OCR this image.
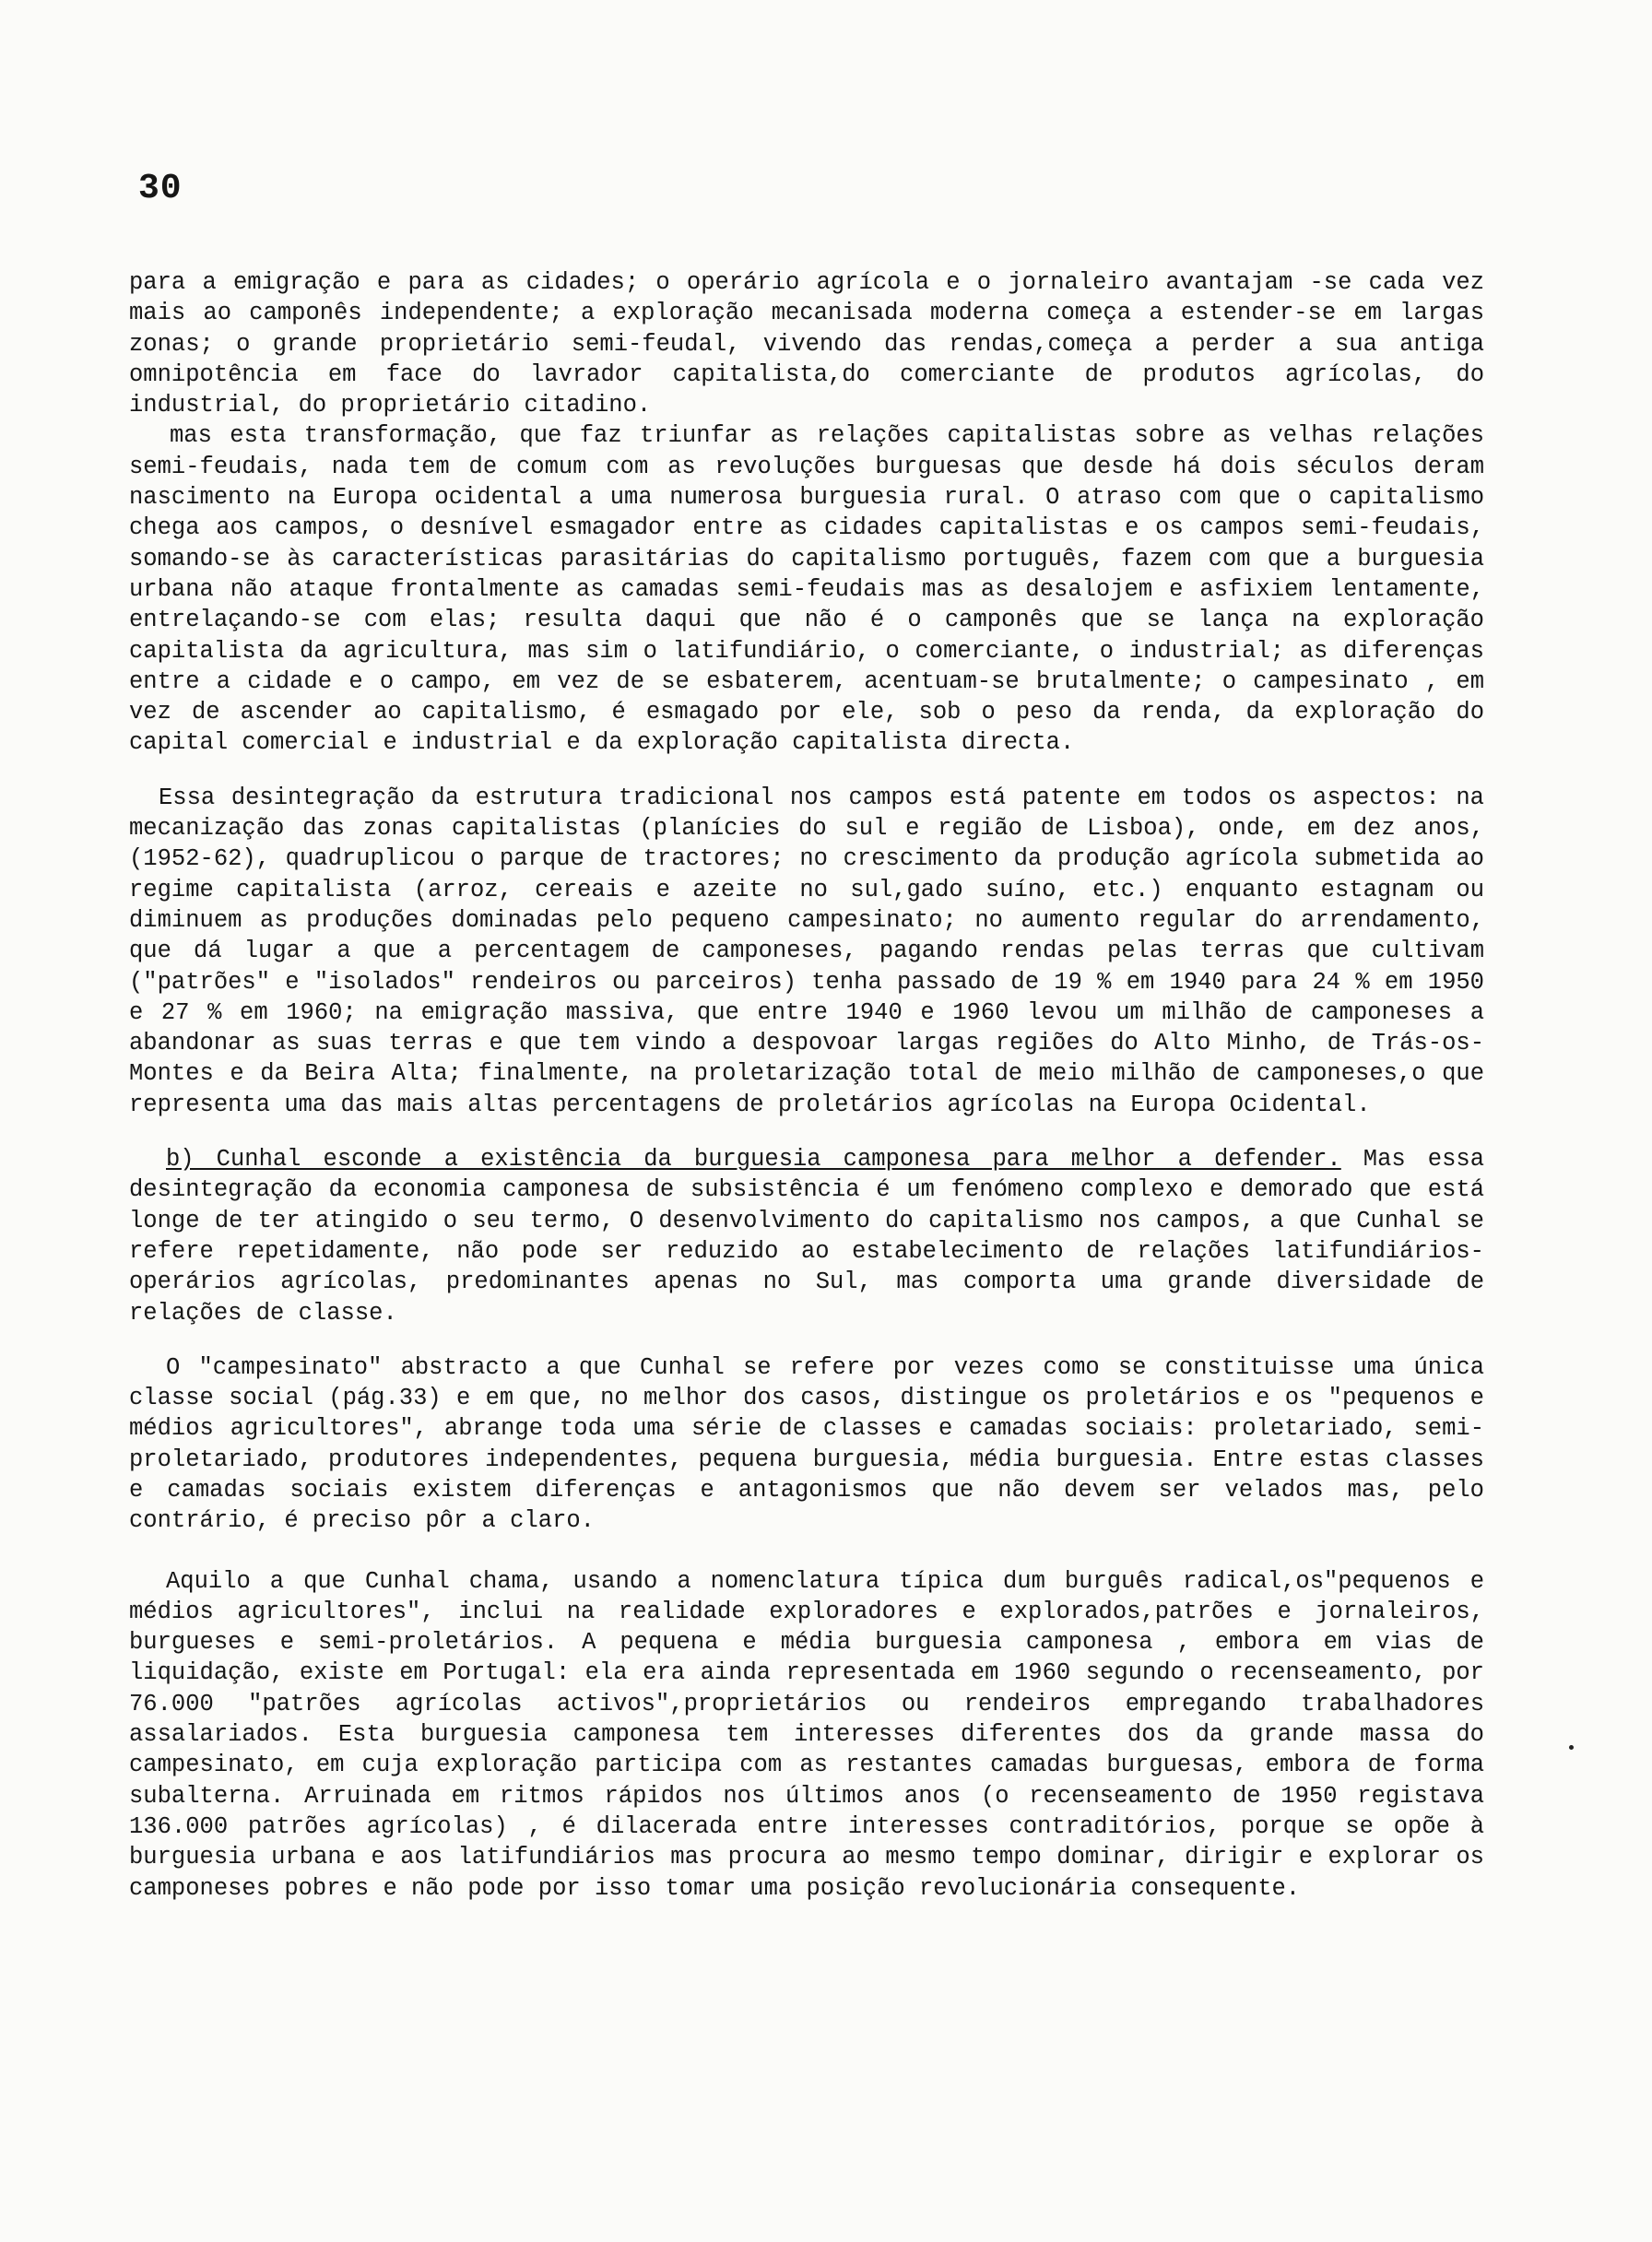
30

para a emigração e para as cidades; o operário agrícola e o jornaleiro avantajam -se cada vez mais ao camponês independente; a exploração mecanisada moderna começa a estender-se em largas zonas; o grande proprietário semi-feudal, vivendo das rendas,começa a perder a sua antiga omnipotência em face do lavrador capitalista,do comerciante de produtos agrícolas, do industrial, do proprietário citadino.

mas esta transformação, que faz triunfar as relações capitalistas sobre as velhas relações semi-feudais, nada tem de comum com as revoluções burguesas que desde há dois séculos deram nascimento na Europa ocidental a uma numerosa burguesia rural. O atraso com que o capitalismo chega aos campos, o desnível esmagador entre as cidades capitalistas e os campos semi-feudais, somando-se às características parasitárias do capitalismo português, fazem com que a burguesia urbana não ataque frontalmente as camadas semi-feudais mas as desalojem e asfixiem lentamente, entrelaçando-se com elas; resulta daqui que não é o camponês que se lança na exploração capitalista da agricultura, mas sim o latifundiário, o comerciante, o industrial; as diferenças entre a cidade e o campo, em vez de se esbaterem, acentuam-se brutalmente; o campesinato , em vez de ascender ao capitalismo, é esmagado por ele, sob o peso da renda, da exploração do capital comercial e industrial e da exploração capitalista directa.

Essa desintegração da estrutura tradicional nos campos está patente em todos os aspectos: na mecanização das zonas capitalistas (planícies do sul e região de Lisboa), onde, em dez anos, (1952-62), quadruplicou o parque de tractores; no crescimento da produção agrícola submetida ao regime capitalista (arroz, cereais e azeite no sul,gado suíno, etc.) enquanto estagnam ou diminuem as produções dominadas pelo pequeno campesinato; no aumento regular do arrendamento, que dá lugar a que a percentagem de camponeses, pagando rendas pelas terras que cultivam ("patrões" e "isolados" rendeiros ou parceiros) tenha passado de 19 % em 1940 para 24 % em 1950 e 27 % em 1960; na emigração massiva, que entre 1940 e 1960 levou um milhão de camponeses a abandonar as suas terras e que tem vindo a despovoar largas regiões do Alto Minho, de Trás-os-Montes e da Beira Alta; finalmente, na proletarização total de meio milhão de camponeses,o que representa uma das mais altas percentagens de proletários agrícolas na Europa Ocidental.

b) Cunhal esconde a existência da burguesia camponesa para melhor a defender. Mas essa desintegração da economia camponesa de subsistência é um fenómeno complexo e demorado que está longe de ter atingido o seu termo, O desenvolvimento do capitalismo nos campos, a que Cunhal se refere repetidamente, não pode ser reduzido ao estabelecimento de relações latifundiários-operários agrícolas, predominantes apenas no Sul, mas comporta uma grande diversidade de relações de classe.

O "campesinato" abstracto a que Cunhal se refere por vezes como se constituisse uma única classe social (pág.33) e em que, no melhor dos casos, distingue os proletários e os "pequenos e médios agricultores", abrange toda uma série de classes e camadas sociais: proletariado, semi-proletariado, produtores independentes, pequena burguesia, média burguesia. Entre estas classes e camadas sociais existem diferenças e antagonismos que não devem ser velados mas, pelo contrário, é preciso pôr a claro.

Aquilo a que Cunhal chama, usando a nomenclatura típica dum burguês radical,os"pequenos e médios agricultores", inclui na realidade exploradores e explorados,patrões e jornaleiros, burgueses e semi-proletários. A pequena e média burguesia camponesa , embora em vias de liquidação, existe em Portugal: ela era ainda representada em 1960 segundo o recenseamento, por 76.000 "patrões agrícolas activos",proprietários ou rendeiros empregando trabalhadores assalariados. Esta burguesia camponesa tem interesses diferentes dos da grande massa do campesinato, em cuja exploração participa com as restantes camadas burguesas, embora de forma subalterna. Arruinada em ritmos rápidos nos últimos anos (o recenseamento de 1950 registava 136.000 patrões agrícolas) , é dilacerada entre interesses contraditórios, porque se opõe à burguesia urbana e aos latifundiários mas procura ao mesmo tempo dominar, dirigir e explorar os camponeses pobres e não pode por isso tomar uma posição revolucionária consequente.
